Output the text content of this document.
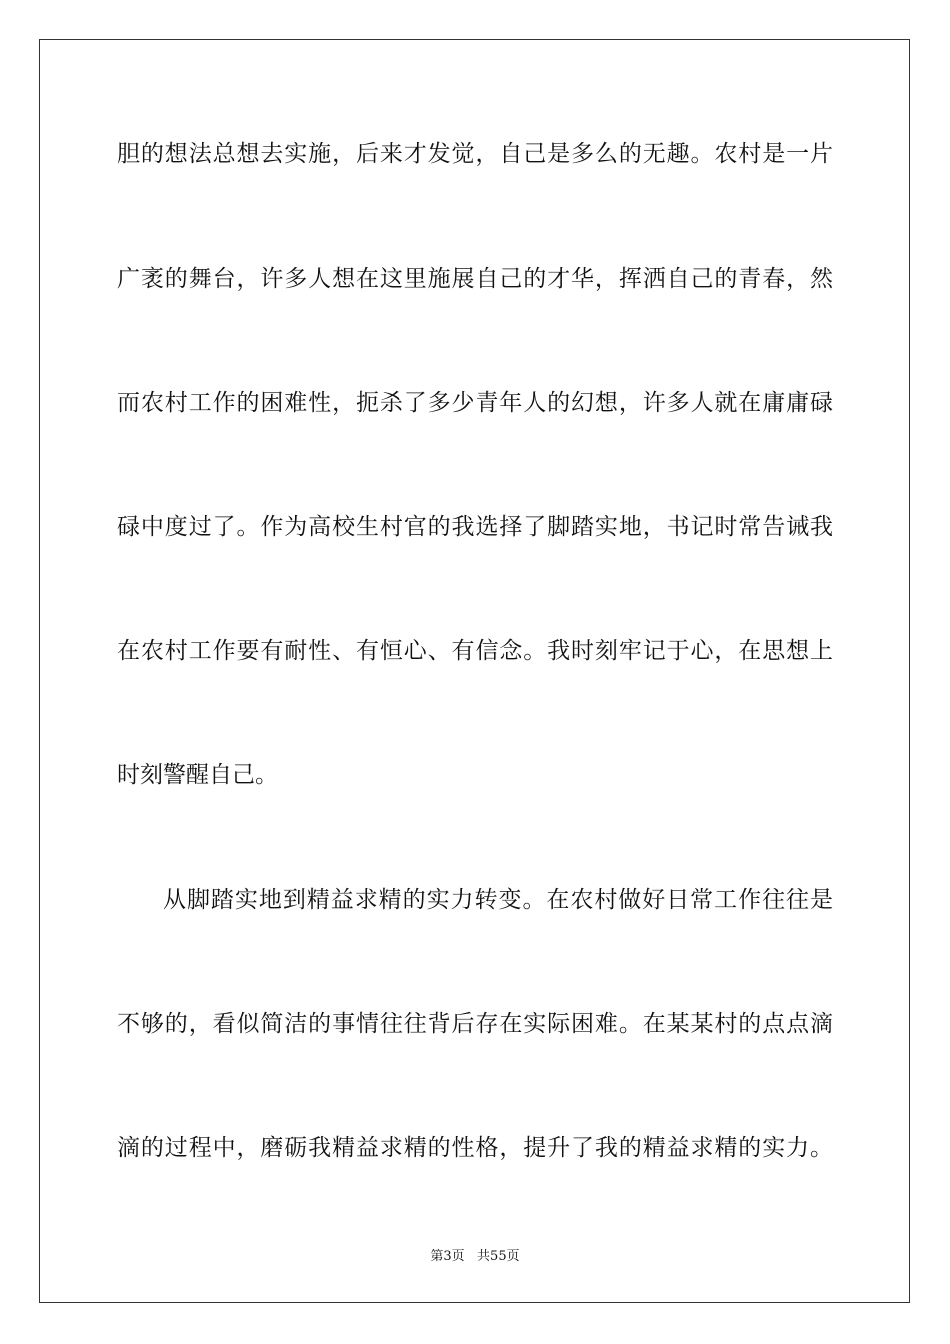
胆的想法总想去实施，后来才发觉，自己是多么的无趣。农村是一片
广袤的舞台，许多人想在这里施展自己的才华，挥洒自己的青春，然
而农村工作的困难性，扼杀了多少青年人的幻想，许多人就在庸庸碌
碌中度过了。作为高校生村官的我选择了脚踏实地，书记时常告诫我
在农村工作要有耐性、有恒心、有信念。我时刻牢记于心，在思想上
时刻警醒自己。
从脚踏实地到精益求精的实力转变。在农村做好日常工作往往是
不够的，看似简洁的事情往往背后存在实际困难。在某某村的点点滴
滴的过程中，磨砺我精益求精的性格，提升了我的精益求精的实力。
第3页   共55页
